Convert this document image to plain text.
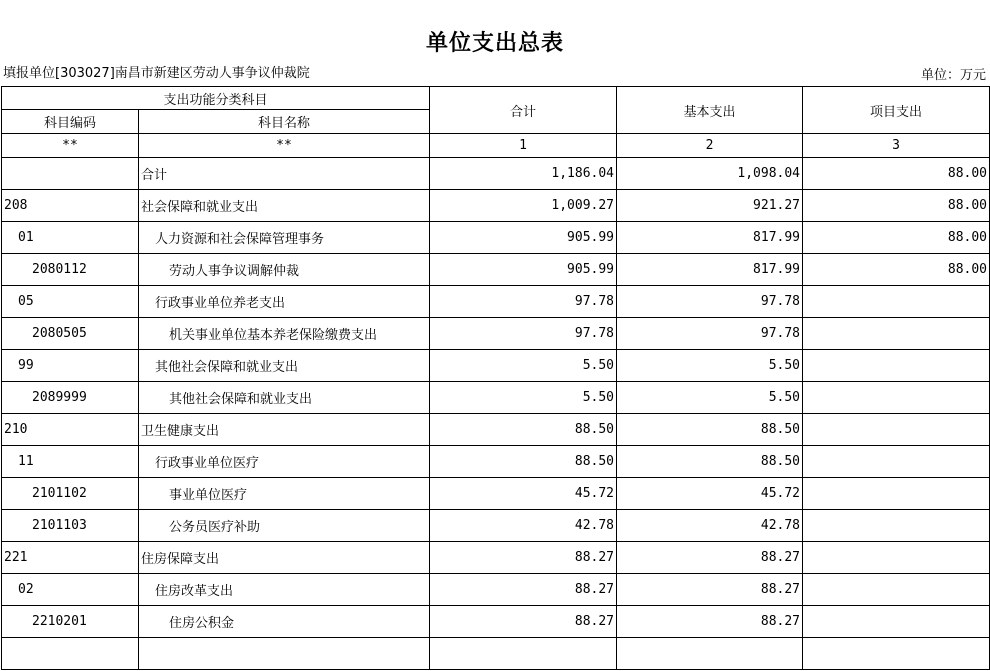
单位支出总表
填报单位[303027]南昌市新建区劳动人事争议仲裁院	单位：万元
支出功能分类科目		合计	基本支出	项目支出
科目编码	科目名称			
**	**	1	2	3
	合计	1,186.04	1,098.04	88.00
208	社会保障和就业支出	1,009.27	921.27	88.00
01	人力资源和社会保障管理事务	905.99	817.99	88.00
2080112	劳动人事争议调解仲裁	905.99	817.99	88.00
05	行政事业单位养老支出	97.78	97.78	
2080505	机关事业单位基本养老保险缴费支出	97.78	97.78	
99	其他社会保障和就业支出	5.50	5.50	
2089999	其他社会保障和就业支出	5.50	5.50	
210	卫生健康支出	88.50	88.50	
11	行政事业单位医疗	88.50	88.50	
2101102	事业单位医疗	45.72	45.72	
2101103	公务员医疗补助	42.78	42.78	
221	住房保障支出	88.27	88.27	
02	住房改革支出	88.27	88.27	
2210201	住房公积金	88.27	88.27	
